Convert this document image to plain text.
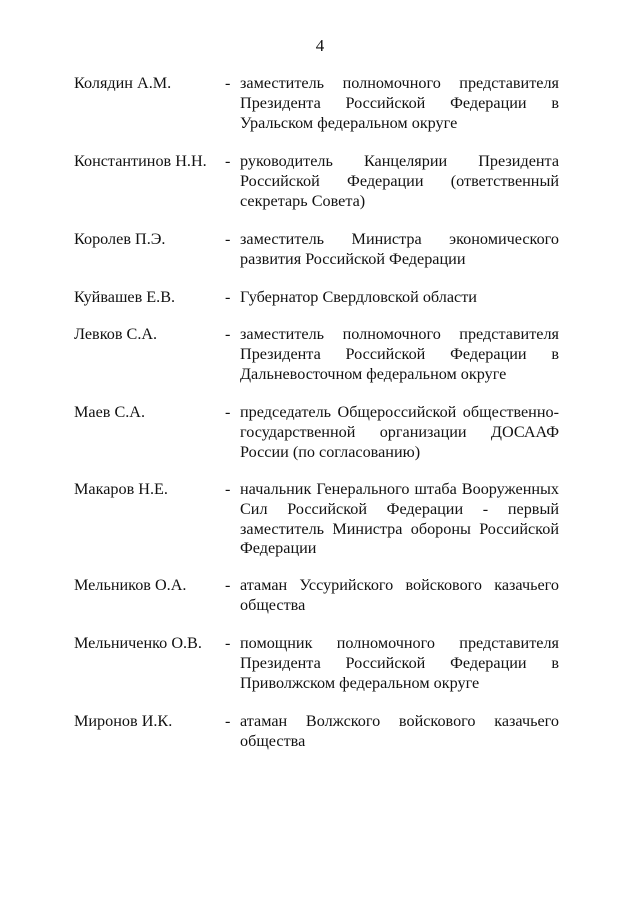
4
Колядин А.М.	- заместитель полномочного представителя
Президента Российской Федерации в
Уральском федеральном округе
Константинов Н.Н. - руководитель Канцелярии Президента
Российской Федерации (ответственный
секретарь Совета)
Королев П.Э.	- заместитель Министра экономического
развития Российской Федерации
Куйвашев Е.В.	- Губернатор Свердловской области
Левков С.А.	- заместитель полномочного представителя
Президента Российской Федерации в
Дальневосточном федеральном округе
Маев С.А.	- председатель Общероссийской общественно-
государственной организации ДОСААФ
России (по согласованию)
Макаров Н.Е.	- начальник Генерального штаба Вооруженных
Сил Российской Федерации - первый
заместитель Министра обороны Российской
Федерации
Мельников О.А. - атаман Уссурийского войскового казачьего
общества
Мельниченко О.В. - помощник полномочного представителя
Президента Российской Федерации в
Приволжском федеральном округе
Миронов И.К.	- атаман Волжского войскового казачьего
общества
